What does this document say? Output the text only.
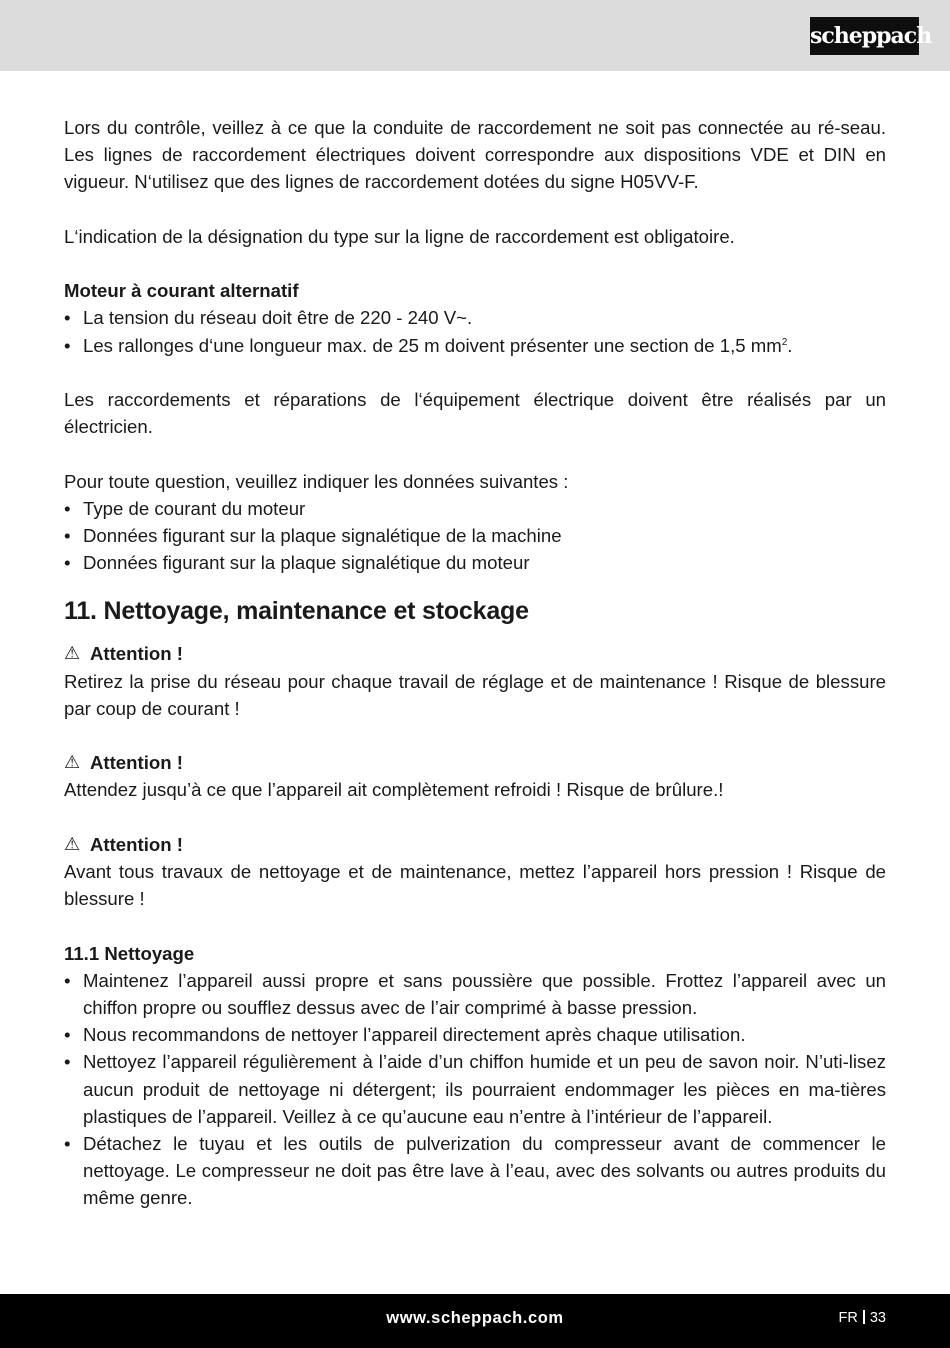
scheppach

Lors du contrôle, veillez à ce que la conduite de raccordement ne soit pas connectée au ré-seau. Les lignes de raccordement électriques doivent correspondre aux dispositions VDE et DIN en vigueur. N‘utilisez que des lignes de raccordement dotées du signe H05VV-F.

L‘indication de la désignation du type sur la ligne de raccordement est obligatoire.

Moteur à courant alternatif

• La tension du réseau doit être de 220 - 240 V~.
• Les rallonges d‘une longueur max. de 25 m doivent présenter une section de 1,5 $mm^2$.

Les raccordements et réparations de l‘équipement électrique doivent être réalisés par un électricien.

Pour toute question, veuillez indiquer les données suivantes :

• Type de courant du moteur
• Données figurant sur la plaque signalétique de la machine
• Données figurant sur la plaque signalétique du moteur
11. Nettoyage, maintenance et stockage

⚠ Attention !

Retirez la prise du réseau pour chaque travail de réglage et de maintenance ! Risque de blessure par coup de courant !

⚠ Attention !

Attendez jusqu’à ce que l’appareil ait complètement refroidi ! Risque de brûlure.!

⚠ Attention !

Avant tous travaux de nettoyage et de maintenance, mettez l’appareil hors pression ! Risque de blessure !

11.1 Nettoyage

• Maintenez l’appareil aussi propre et sans poussière que possible. Frottez l’appareil avec un chiffon propre ou soufflez dessus avec de l’air comprimé à basse pression.
• Nous recommandons de nettoyer l’appareil directement après chaque utilisation.
• Nettoyez l’appareil régulièrement à l’aide d’un chiffon humide et un peu de savon noir. N’uti-lisez aucun produit de nettoyage ni détergent; ils pourraient endommager les pièces en ma-tières plastiques de l’appareil. Veillez à ce qu’aucune eau n’entre à l’intérieur de l’appareil.
• Détachez le tuyau et les outils de pulverization du compresseur avant de commencer le nettoyage. Le compresseur ne doit pas être lave à l’eau, avec des solvants ou autres produits du même genre.
www.scheppach.com	FR 33
